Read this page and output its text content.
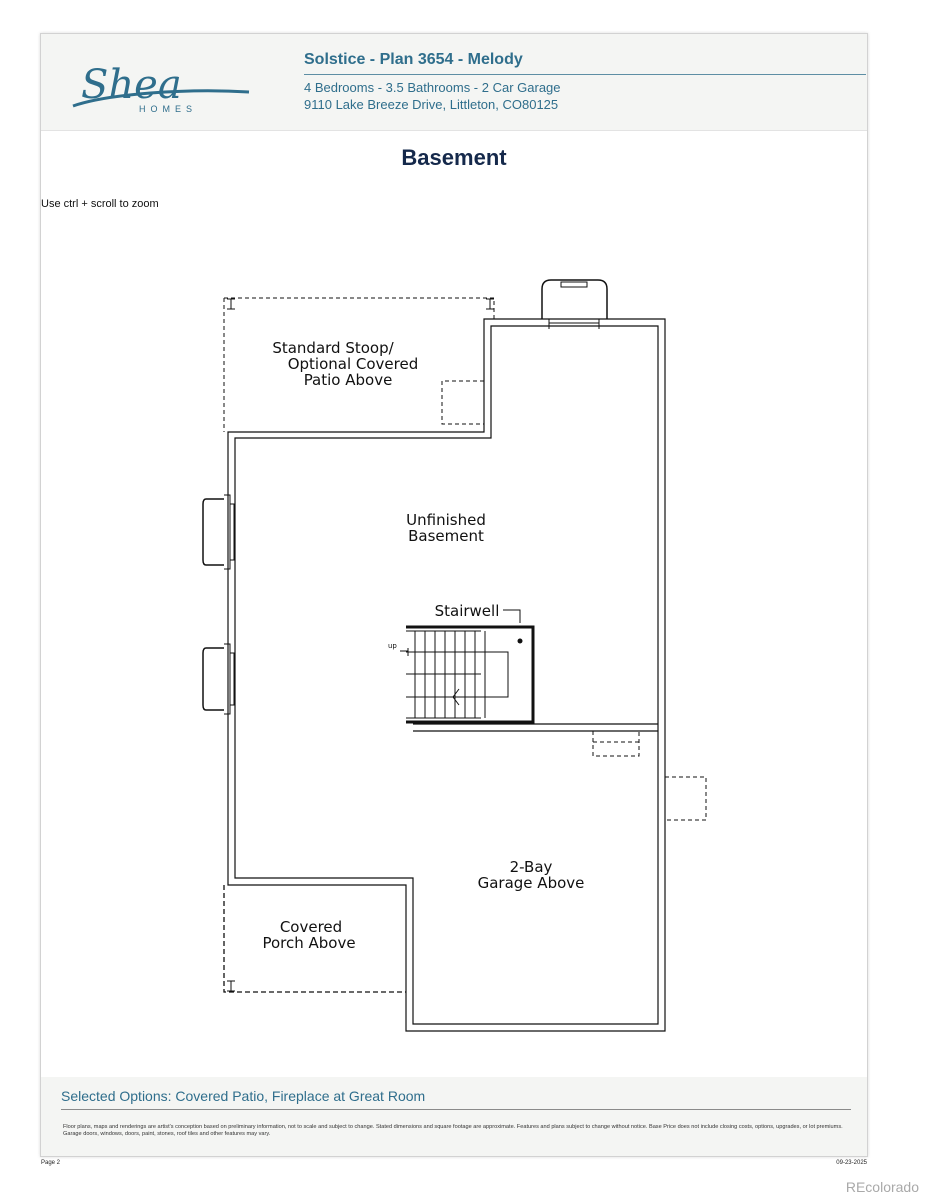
Shea
HOMES
Solstice - Plan 3654 - Melody
4 Bedrooms - 3.5 Bathrooms - 2 Car Garage
9110 Lake Breeze Drive, Littleton, CO80125
Basement
Use ctrl + scroll to zoom
Standard Stoop/
Optional Covered
Patio Above
Unfinished
Basement
Stairwell
up
2-Bay
Garage Above
Covered
Porch Above
Selected Options: Covered Patio, Fireplace at Great Room
Floor plans, maps and renderings are artist's conception based on preliminary information, not to scale and subject to change. Stated dimensions and square footage are approximate. Features and plans subject to change without notice. Base Price does not include closing costs, options, upgrades, or lot premiums. Garage doors, windows, doors, paint, stones, roof tiles and other features may vary.
Page 2	09-23-2025
REcolorado
